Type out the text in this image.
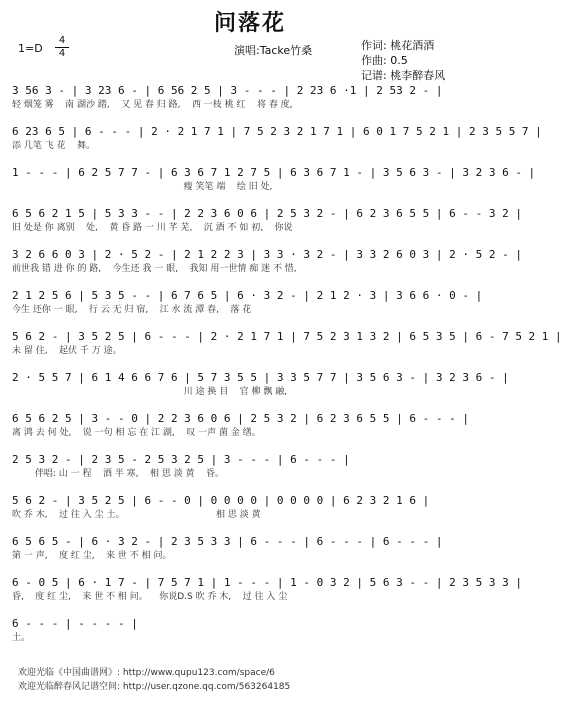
问落花
1=D
4
4	演唱:Tacke竹桑	作词: 桃花酒酒
作曲: 0.5
记谱: 桃李醉春风
3 56 3 - | 3 23 6 - | 6 56 2 5 | 3 - - - | 2 23 6 ·1 | 2 53 2 - |
轻 烟笼 雾    南 湖沙 踏,    又 见 春 归 路,    西 一枝 桃 红    将 春 度,
6 23 6 5 | 6 - - - | 2 · 2 1 7 1 | 7 5 2 3 2 1 7 1 | 6 0 1 7 5 2 1 | 2 3 5 5 7 |
添 几笔 飞 花    舞。
1 - - - | 6 2 5 7 7 - | 6 3 6 7 1 2 7 5 | 6 3 6 7 1 - | 3 5 6 3 - | 3 2 3 6 - |
瘦 笑笔 端    绘 旧 处,
6 5 6 2 1 5 | 5 3 3 - - | 2 2 3 6 0 6 | 2 5 3 2 - | 6 2 3 6 5 5 | 6 - - 3 2 |
旧 处是 你 离别    处,    黄 昏 路 一 川 芊 芜,    沉 酒 不 如 初,    你说
3 2 6 6 0 3 | 2 · 5 2 - | 2 1 2 2 3 | 3 3 · 3 2 - | 3 3 2 6 0 3 | 2 · 5 2 - |
前世我 错 进 你 的 路,    今生还 我 一 眼,    我知 用一世情 痴 迷 不 惜,
2 1 2 5 6 | 5 3 5 - - | 6 7 6 5 | 6 · 3 2 - | 2 1 2 · 3 | 3 6 6 · 0 - |
今生 还你 一 眼,    行 云 无 归 宿,    江 水 流 潭 春,    落 花
5 6 2 - | 3 5 2 5 | 6 - - - | 2 · 2 1 7 1 | 7 5 2 3 1 3 2 | 6 5 3 5 | 6 - 7 5 2 1 |
未 留 住,    起伏 千 万 途。
2 · 5 5 7 | 6 1 4 6 6 7 6 | 5 7 3 5 5 | 3 3 5 7 7 | 3 5 6 3 - | 3 2 3 6 - |
川 途 换 目    官 柳 飘 融,
6 5 6 2 5 | 3 - - 0 | 2 2 3 6 0 6 | 2 5 3 2 | 6 2 3 6 5 5 | 6 - - - |
离 鸿 去 何 处,    说 一句 相 忘 在 江 湖,    叹 一声 菌 金 缮。
2 5 3 2 - | 2 3 5 - 2 5 3 2 5 | 3 - - - | 6 - - - |
伴唱: 山 一 程    酒 半 寒,    相 思 淡 黄    昏。
5 6 2 - | 3 5 2 5 | 6 - - 0 | 0 0 0 0 | 0 0 0 0 | 6 2 3 2 1 6 |
吹 乔 木,    过 往 入 尘 土。                                相 思 淡 黄
6 5 6 5 - | 6 · 3 2 - | 2 3 5 3 3 | 6 - - - | 6 - - - | 6 - - - |
第 一 声,    度 红 尘,    来 世 不 相 问。
6 - 0 5 | 6 · 1 7 - | 7 5 7 1 | 1 - - - | 1 - 0 3 2 | 5 6 3 - - | 2 3 5 3 3 |
昏,    度 红 尘,    来 世 不 相 问。    你说D.S 吹 乔 木,    过 往 入 尘
6 - - - | - - - - |
土。
欢迎光临《中国曲谱网》: http://www.qupu123.com/space/6
欢迎光临醉春风记谱空间: http://user.qzone.qq.com/563264185
